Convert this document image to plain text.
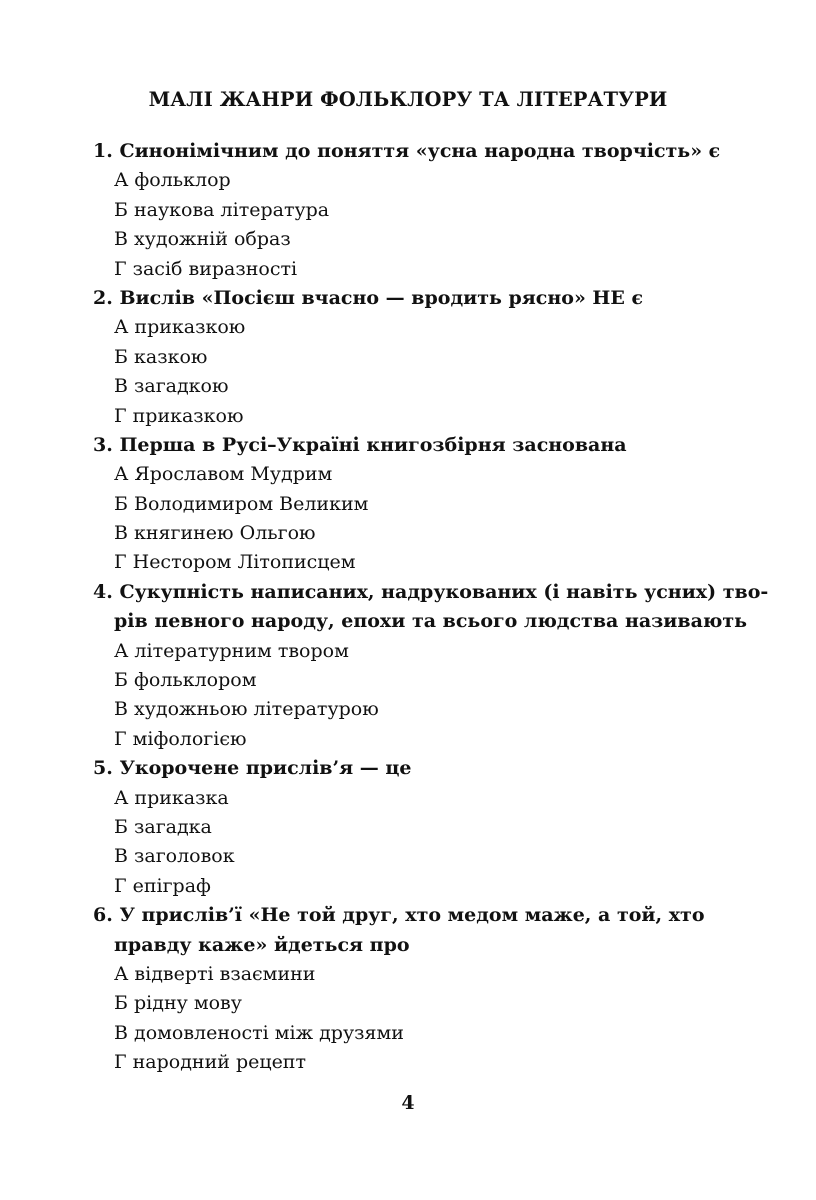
МАЛІ ЖАНРИ ФОЛЬКЛОРУ ТА ЛІТЕРАТУРИ
1. Синонімічним до поняття «усна народна творчість» є
А фольклор
Б наукова література
В художній образ
Г засіб виразності
2. Вислів «Посієш вчасно — вродить рясно» НЕ є
А приказкою
Б казкою
В загадкою
Г приказкою
3. Перша в Русі–Україні книгозбірня заснована
А Ярославом Мудрим
Б Володимиром Великим
В княгинею Ольгою
Г Нестором Літописцем
4. Сукупність написаних, надрукованих (і навіть усних) тво-
рів певного народу, епохи та всього людства називають
А літературним твором
Б фольклором
В художньою літературою
Г міфологією
5. Укорочене прислів’я — це
А приказка
Б загадка
В заголовок
Г епіграф
6. У прислів’ї «Не той друг, хто медом маже, а той, хто
правду каже» йдеться про
А відверті взаємини
Б рідну мову
В домовленості між друзями
Г народний рецепт
4
